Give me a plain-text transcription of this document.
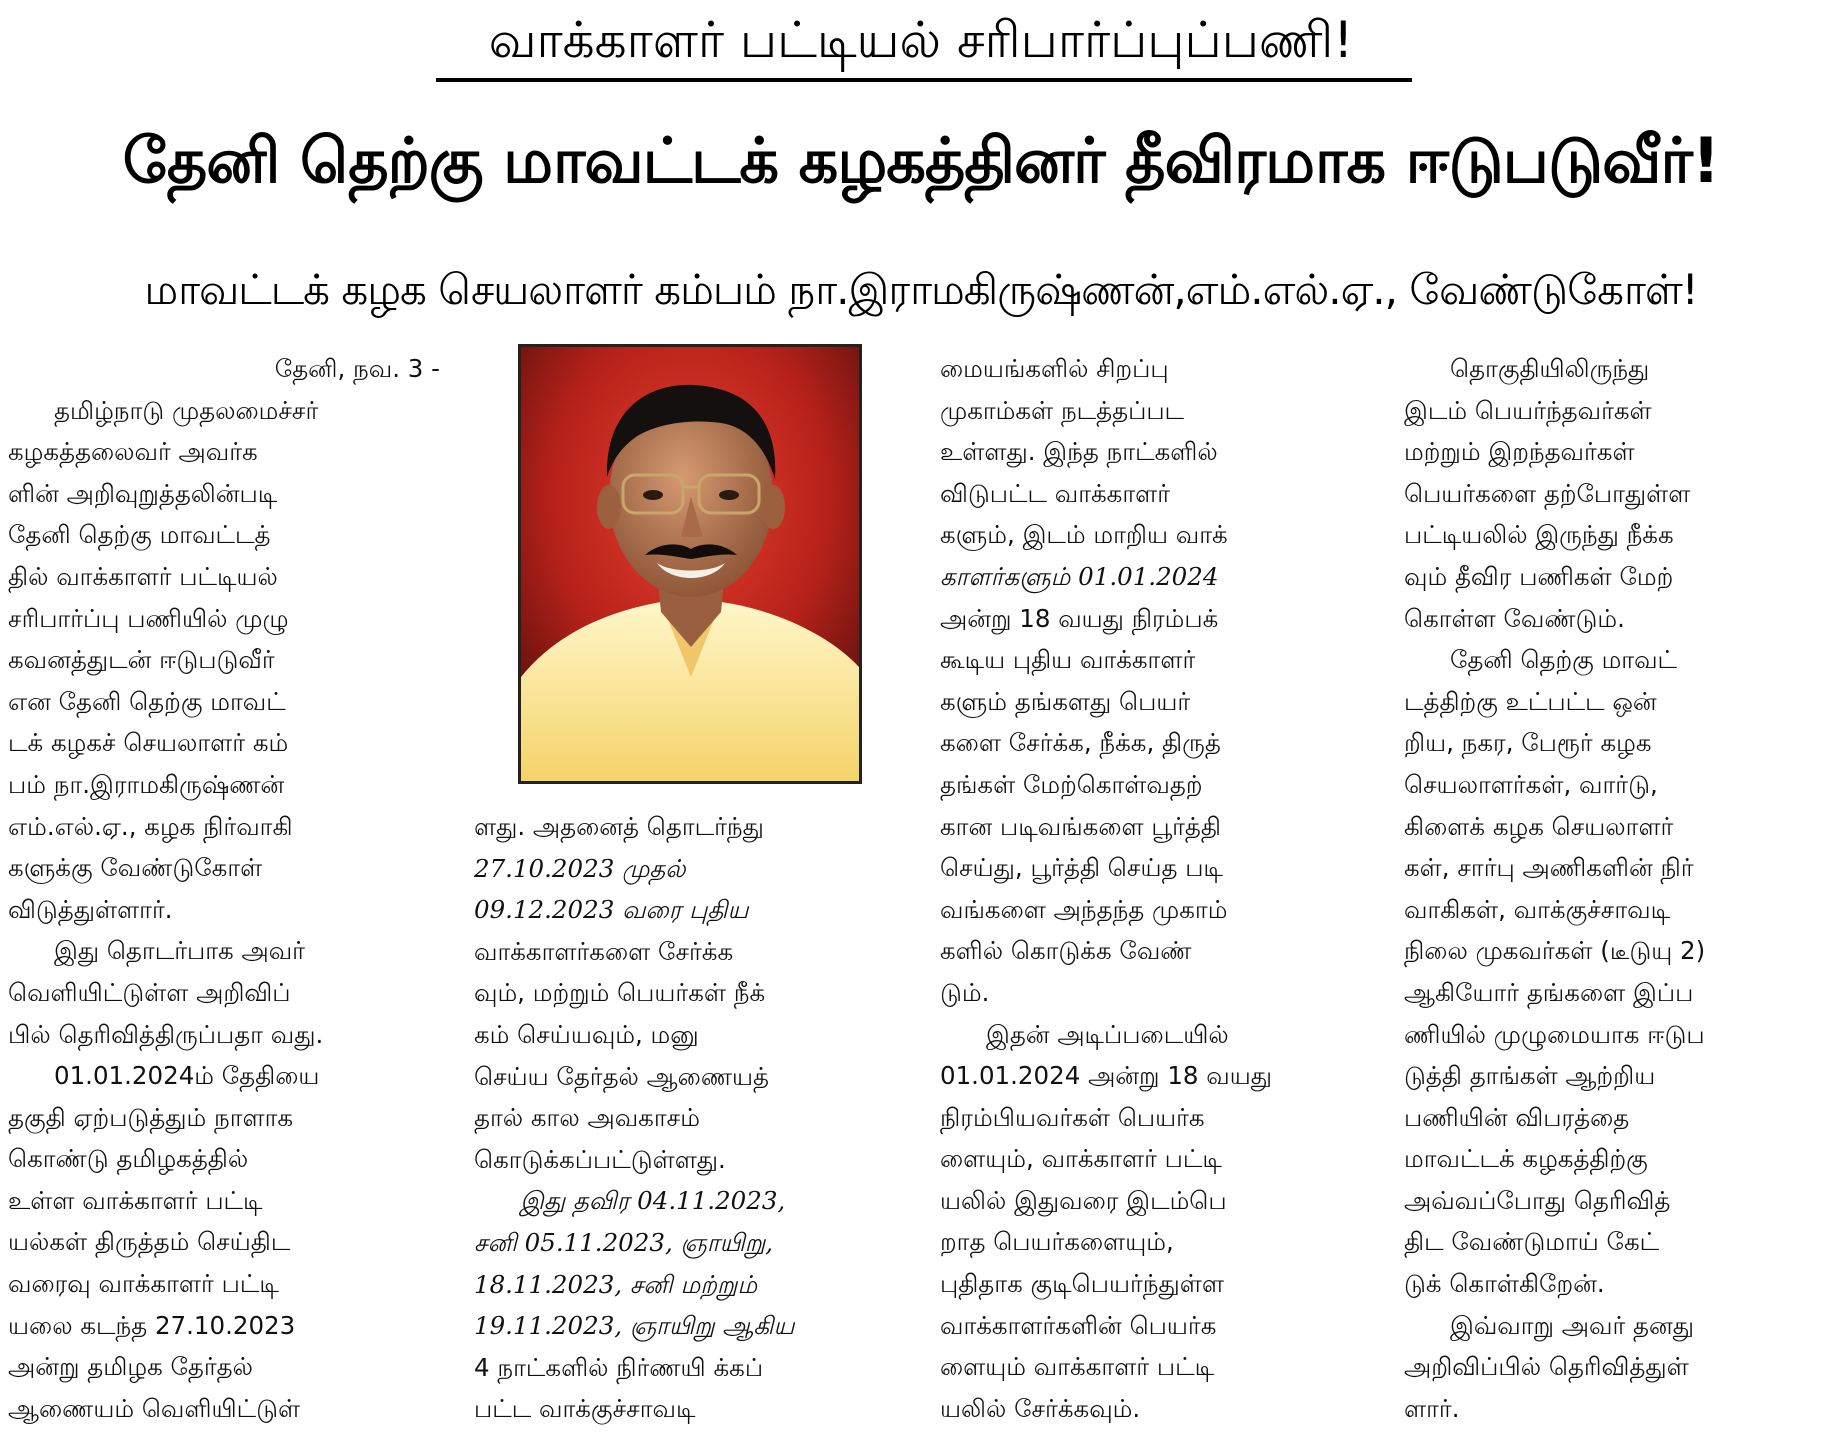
வாக்காளர் பட்டியல் சரிபார்ப்புப்பணி!
தேனி தெற்கு மாவட்டக் கழகத்தினர் தீவிரமாக ஈடுபடுவீர்!
மாவட்டக் கழக செயலாளர் கம்பம் நா.இராமகிருஷ்ணன்,எம்.எல்.ஏ., வேண்டுகோள்!
தேனி, நவ. 3 -
தமிழ்நாடு முதலமைச்சர்
கழகத்தலைவர் அவர்க
ளின் அறிவுறுத்தலின்படி
தேனி தெற்கு மாவட்டத்
தில் வாக்காளர் பட்டியல்
சரிபார்ப்பு பணியில் முழு
கவனத்துடன் ஈடுபடுவீர்
என தேனி தெற்கு மாவட்
டக் கழகச் செயலாளர் கம்
பம் நா.இராமகிருஷ்ணன்
எம்.எல்.ஏ., கழக நிர்வாகி
களுக்கு வேண்டுகோள்
விடுத்துள்ளார்.
இது தொடர்பாக அவர்
வெளியிட்டுள்ள அறிவிப்
பில் தெரிவித்திருப்பதா வது.
01.01.2024ம் தேதியை
தகுதி ஏற்படுத்தும் நாளாக
கொண்டு தமிழகத்தில்
உள்ள வாக்காளர் பட்டி
யல்கள் திருத்தம் செய்திட
வரைவு வாக்காளர் பட்டி
யலை கடந்த 27.10.2023
அன்று தமிழக தேர்தல்
ஆணையம் வெளியிட்டுள்
ளது. அதனைத் தொடர்ந்து
27.10.2023 முதல்
09.12.2023 வரை புதிய
வாக்காளர்களை சேர்க்க
வும், மற்றும் பெயர்கள் நீக்
கம் செய்யவும், மனு
செய்ய தேர்தல் ஆணையத்
தால் கால அவகாசம்
கொடுக்கப்பட்டுள்ளது.
இது தவிர 04.11.2023,
சனி 05.11.2023, ஞாயிறு,
18.11.2023, சனி மற்றும்
19.11.2023, ஞாயிறு ஆகிய
4 நாட்களில் நிர்ணயி க்கப்
பட்ட வாக்குச்சாவடி
மையங்களில் சிறப்பு
முகாம்கள் நடத்தப்பட
உள்ளது. இந்த நாட்களில்
விடுபட்ட வாக்காளர்
களும், இடம் மாறிய வாக்
காளர்களும் 01.01.2024
அன்று 18 வயது நிரம்பக்
கூடிய புதிய வாக்காளர்
களும் தங்களது பெயர்
களை சேர்க்க, நீக்க, திருத்
தங்கள் மேற்கொள்வதற்
கான படிவங்களை பூர்த்தி
செய்து, பூர்த்தி செய்த படி
வங்களை அந்தந்த முகாம்
களில் கொடுக்க வேண்
டும்.
இதன் அடிப்படையில்
01.01.2024 அன்று 18 வயது
நிரம்பியவர்கள் பெயர்க
ளையும், வாக்காளர் பட்டி
யலில் இதுவரை இடம்பெ
றாத பெயர்களையும்,
புதிதாக குடிபெயர்ந்துள்ள
வாக்காளர்களின் பெயர்க
ளையும் வாக்காளர் பட்டி
யலில் சேர்க்கவும்.
தொகுதியிலிருந்து
இடம் பெயர்ந்தவர்கள்
மற்றும் இறந்தவர்கள்
பெயர்களை தற்போதுள்ள
பட்டியலில் இருந்து நீக்க
வும் தீவிர பணிகள் மேற்
கொள்ள வேண்டும்.
தேனி தெற்கு மாவட்
டத்திற்கு உட்பட்ட ஒன்
றிய, நகர, பேரூர் கழக
செயலாளர்கள், வார்டு,
கிளைக் கழக செயலாளர்
கள், சார்பு அணிகளின் நிர்
வாகிகள், வாக்குச்சாவடி
நிலை முகவர்கள் (டீடுயு 2)
ஆகியோர் தங்களை இப்ப
ணியில் முழுமையாக ஈடுப
டுத்தி தாங்கள் ஆற்றிய
பணியின் விபரத்தை
மாவட்டக் கழகத்திற்கு
அவ்வப்போது தெரிவித்
திட வேண்டுமாய் கேட்
டுக் கொள்கிறேன்.
இவ்வாறு அவர் தனது
அறிவிப்பில் தெரிவித்துள்
ளார்.
